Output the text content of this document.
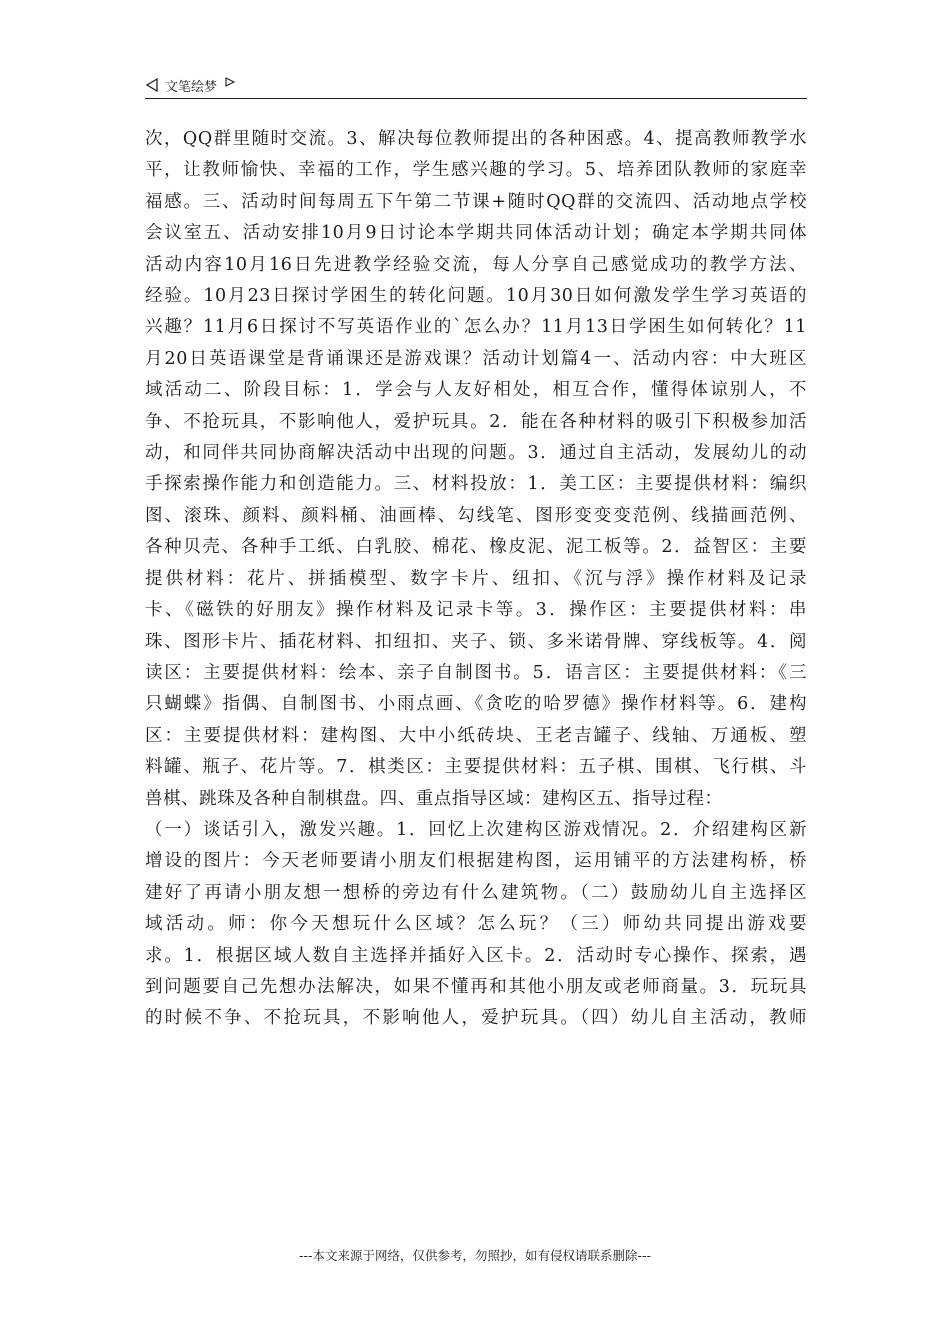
文笔绘梦
次，QQ群里随时交流。3、解决每位教师提出的各种困惑。4、提高教师教学水
平，让教师愉快、幸福的工作，学生感兴趣的学习。5、培养团队教师的家庭幸
福感。三、活动时间每周五下午第二节课+随时QQ群的交流四、活动地点学校
会议室五、活动安排10月9日讨论本学期共同体活动计划；确定本学期共同体
活动内容10月16日先进教学经验交流，每人分享自己感觉成功的教学方法、
经验。10月23日探讨学困生的转化问题。10月30日如何激发学生学习英语的
兴趣？11月6日探讨不写英语作业的`怎么办？11月13日学困生如何转化？11
月20日英语课堂是背诵课还是游戏课？活动计划篇4一、活动内容：中大班区
域活动二、阶段目标：1．学会与人友好相处，相互合作，懂得体谅别人，不
争、不抢玩具，不影响他人，爱护玩具。2．能在各种材料的吸引下积极参加活
动，和同伴共同协商解决活动中出现的问题。3．通过自主活动，发展幼儿的动
手探索操作能力和创造能力。三、材料投放：1．美工区：主要提供材料：编织
图、滚珠、颜料、颜料桶、油画棒、勾线笔、图形变变变范例、线描画范例、
各种贝壳、各种手工纸、白乳胶、棉花、橡皮泥、泥工板等。2．益智区：主要
提供材料：花片、拼插模型、数字卡片、纽扣、《沉与浮》操作材料及记录
卡、《磁铁的好朋友》操作材料及记录卡等。3．操作区：主要提供材料：串
珠、图形卡片、插花材料、扣纽扣、夹子、锁、多米诺骨牌、穿线板等。4．阅
读区：主要提供材料：绘本、亲子自制图书。5．语言区：主要提供材料：《三
只蝴蝶》指偶、自制图书、小雨点画、《贪吃的哈罗德》操作材料等。6．建构
区：主要提供材料：建构图、大中小纸砖块、王老吉罐子、线轴、万通板、塑
料罐、瓶子、花片等。7．棋类区：主要提供材料：五子棋、围棋、飞行棋、斗
兽棋、跳珠及各种自制棋盘。四、重点指导区域：建构区五、指导过程：
（一）谈话引入，激发兴趣。1．回忆上次建构区游戏情况。2．介绍建构区新
增设的图片：今天老师要请小朋友们根据建构图，运用铺平的方法建构桥，桥
建好了再请小朋友想一想桥的旁边有什么建筑物。（二）鼓励幼儿自主选择区
域活动。师：你今天想玩什么区域？怎么玩？（三）师幼共同提出游戏要
求。1．根据区域人数自主选择并插好入区卡。2．活动时专心操作、探索，遇
到问题要自己先想办法解决，如果不懂再和其他小朋友或老师商量。3．玩玩具
的时候不争、不抢玩具，不影响他人，爱护玩具。（四）幼儿自主活动，教师
---本文来源于网络，仅供参考，勿照抄，如有侵权请联系删除---
